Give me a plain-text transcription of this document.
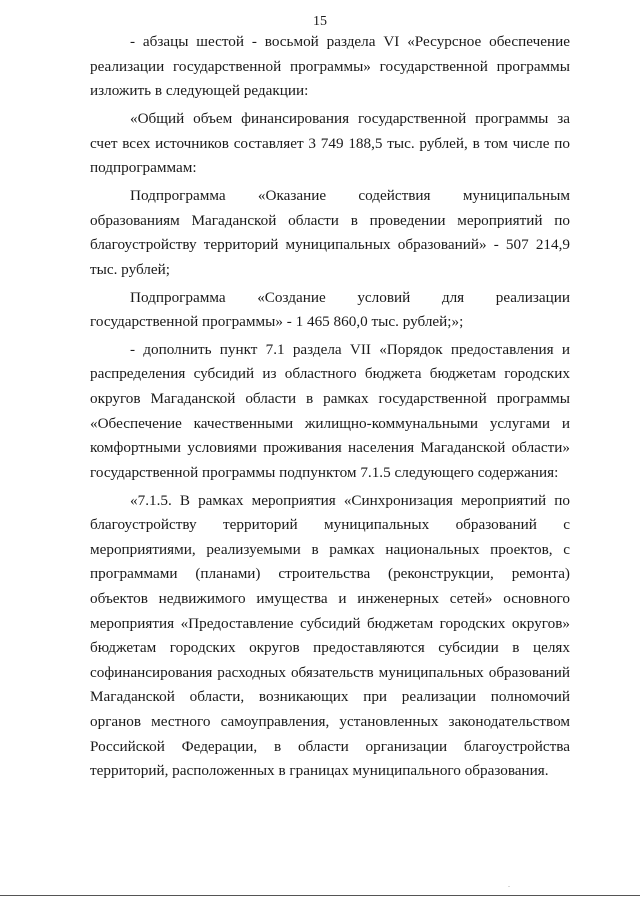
15

- абзацы шестой - восьмой раздела VI «Ресурсное обеспечение реализации государственной программы» государственной программы изложить в следующей редакции:

«Общий объем финансирования государственной программы за счет всех источников составляет 3 749 188,5 тыс. рублей, в том числе по подпрограммам:

Подпрограмма «Оказание содействия муниципальным образованиям Магаданской области в проведении мероприятий по благоустройству территорий муниципальных образований» - 507 214,9 тыс. рублей;

Подпрограмма «Создание условий для реализации государственной программы» - 1 465 860,0 тыс. рублей;»;

- дополнить пункт 7.1 раздела VII «Порядок предоставления и распределения субсидий из областного бюджета бюджетам городских округов Магаданской области в рамках государственной программы «Обеспечение качественными жилищно-коммунальными услугами и комфортными условиями проживания населения Магаданской области» государственной программы подпунктом 7.1.5 следующего содержания:

«7.1.5. В рамках мероприятия «Синхронизация мероприятий по благоустройству территорий муниципальных образований с мероприятиями, реализуемыми в рамках национальных проектов, с программами (планами) строительства (реконструкции, ремонта) объектов недвижимого имущества и инженерных сетей» основного мероприятия «Предоставление субсидий бюджетам городских округов» бюджетам городских округов предоставляются субсидии в целях софинансирования расходных обязательств муниципальных образований Магаданской области, возникающих при реализации полномочий органов местного самоуправления, установленных законодательством Российской Федерации, в области организации благоустройства территорий, расположенных в границах муниципального образования.

.
